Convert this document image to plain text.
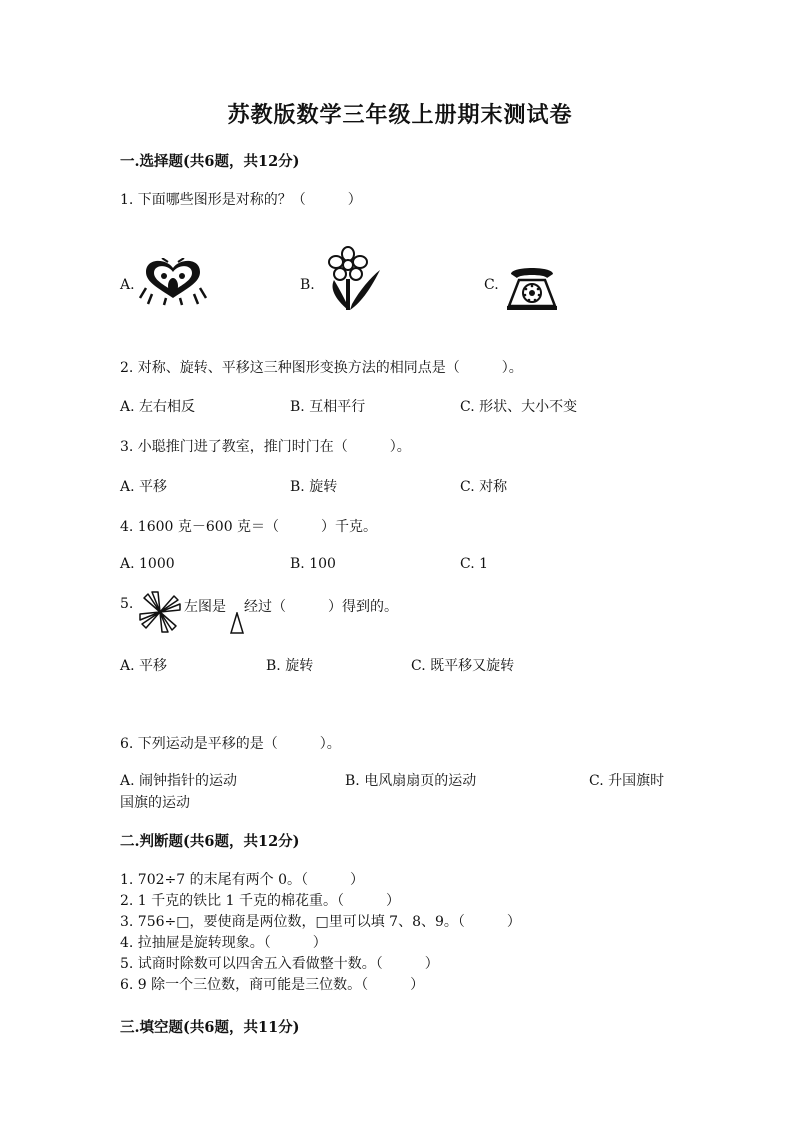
苏教版数学三年级上册期末测试卷
一.选择题(共6题，共12分)
1. 下面哪些图形是对称的？（　　　）
A.	B.	C.
2. 对称、旋转、平移这三种图形变换方法的相同点是（　　　）。
A. 左右相反	B. 互相平行	C. 形状、大小不变
3. 小聪推门进了教室，推门时门在（　　　）。
A. 平移	B. 旋转	C. 对称
4. 1600 克－600 克＝（　　　）千克。
A. 1000	B. 100	C. 1
5.	左图是 经过（　　　）得到的。
A. 平移	B. 旋转	C. 既平移又旋转
6. 下列运动是平移的是（　　　）。
A. 闹钟指针的运动	B. 电风扇扇页的运动	C. 升国旗时
国旗的运动
二.判断题(共6题，共12分)
1. 702÷7 的末尾有两个 0。（　　　）
2. 1 千克的铁比 1 千克的棉花重。（　　　）
3. 756÷□，要使商是两位数，□里可以填 7、8、9。（　　　）
4. 拉抽屉是旋转现象。（　　　）
5. 试商时除数可以四舍五入看做整十数。（　　　）
6. 9 除一个三位数，商可能是三位数。（　　　）
三.填空题(共6题，共11分)
